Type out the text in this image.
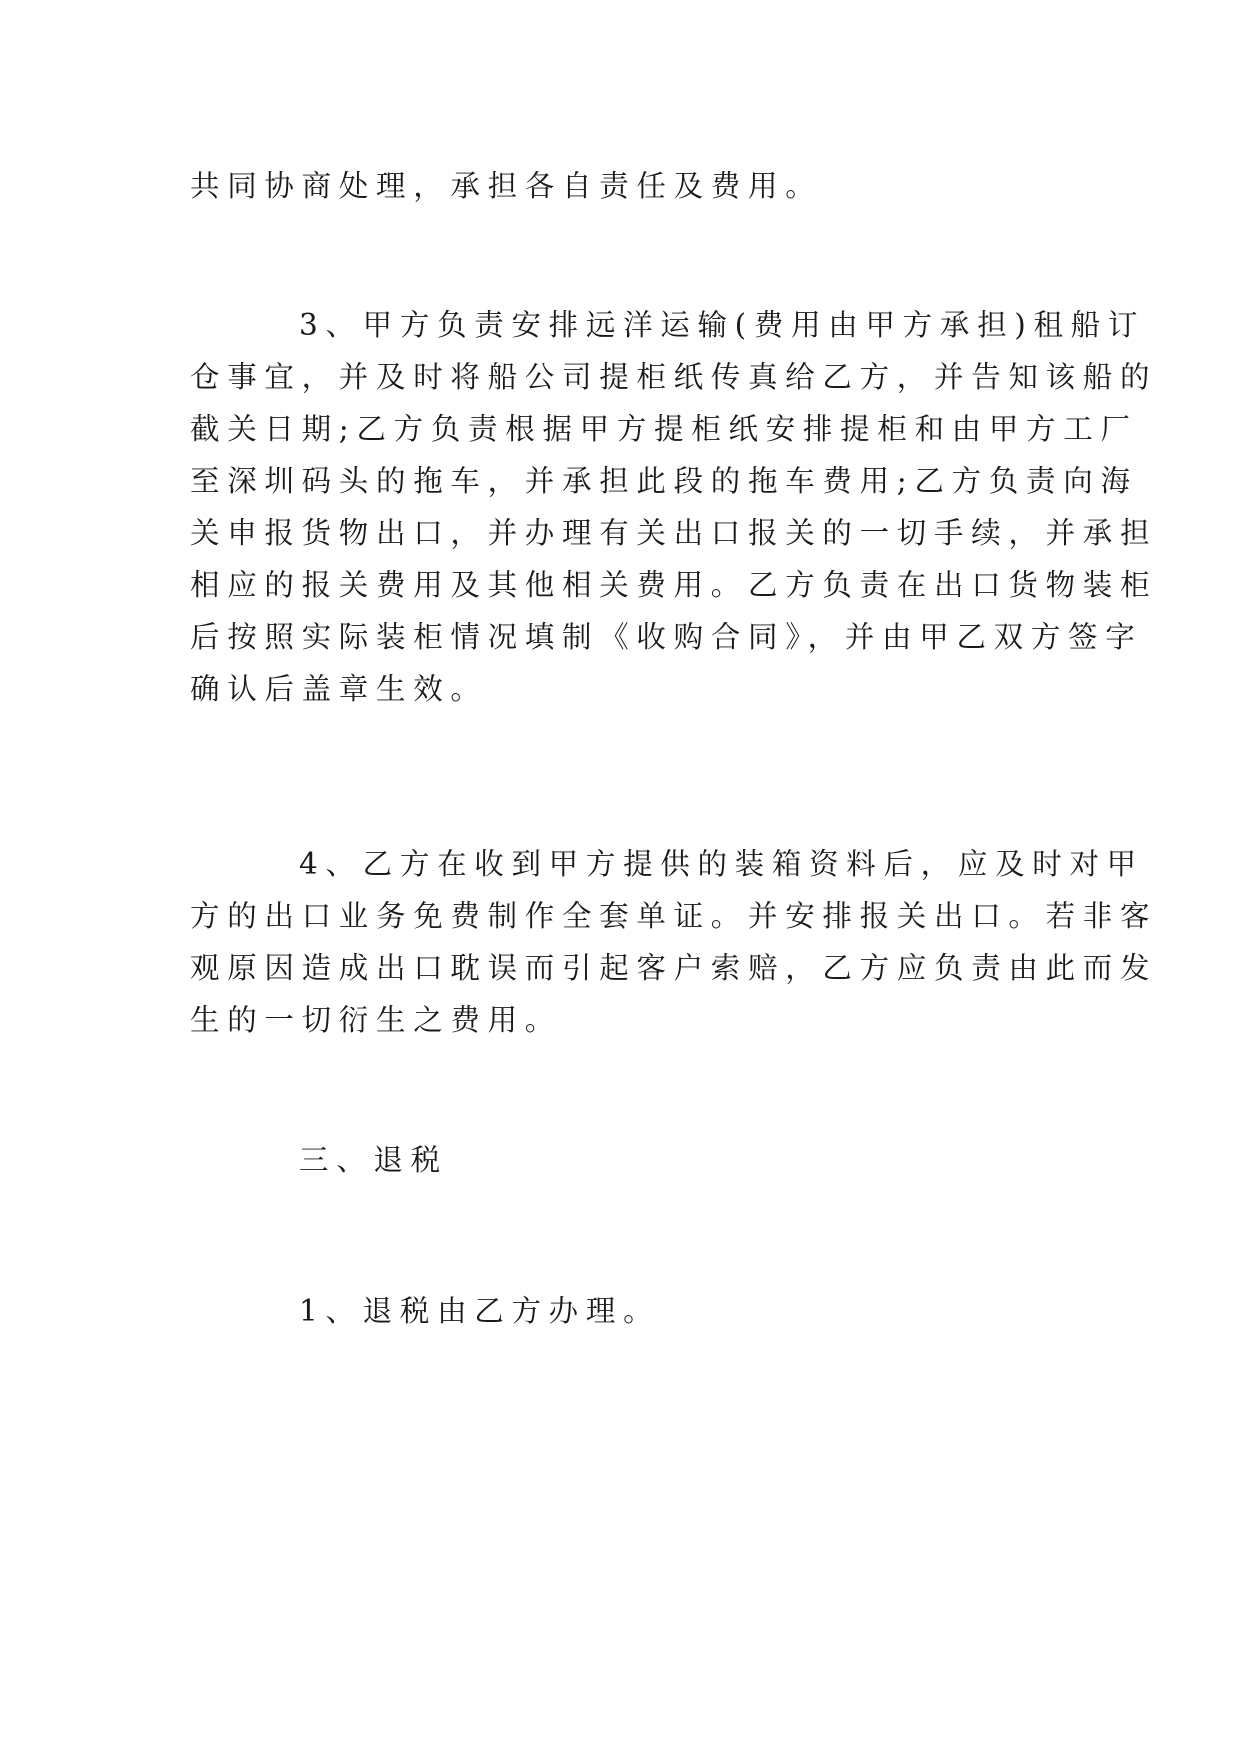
共同协商处理，承担各自责任及费用。
3、甲方负责安排远洋运输(费用由甲方承担)租船订
仓事宜，并及时将船公司提柜纸传真给乙方，并告知该船的
截关日期;乙方负责根据甲方提柜纸安排提柜和由甲方工厂
至深圳码头的拖车，并承担此段的拖车费用;乙方负责向海
关申报货物出口，并办理有关出口报关的一切手续，并承担
相应的报关费用及其他相关费用。乙方负责在出口货物装柜
后按照实际装柜情况填制《收购合同》，并由甲乙双方签字
确认后盖章生效。
4、乙方在收到甲方提供的装箱资料后，应及时对甲
方的出口业务免费制作全套单证。并安排报关出口。若非客
观原因造成出口耽误而引起客户索赔，乙方应负责由此而发
生的一切衍生之费用。
三、退税
1、退税由乙方办理。
